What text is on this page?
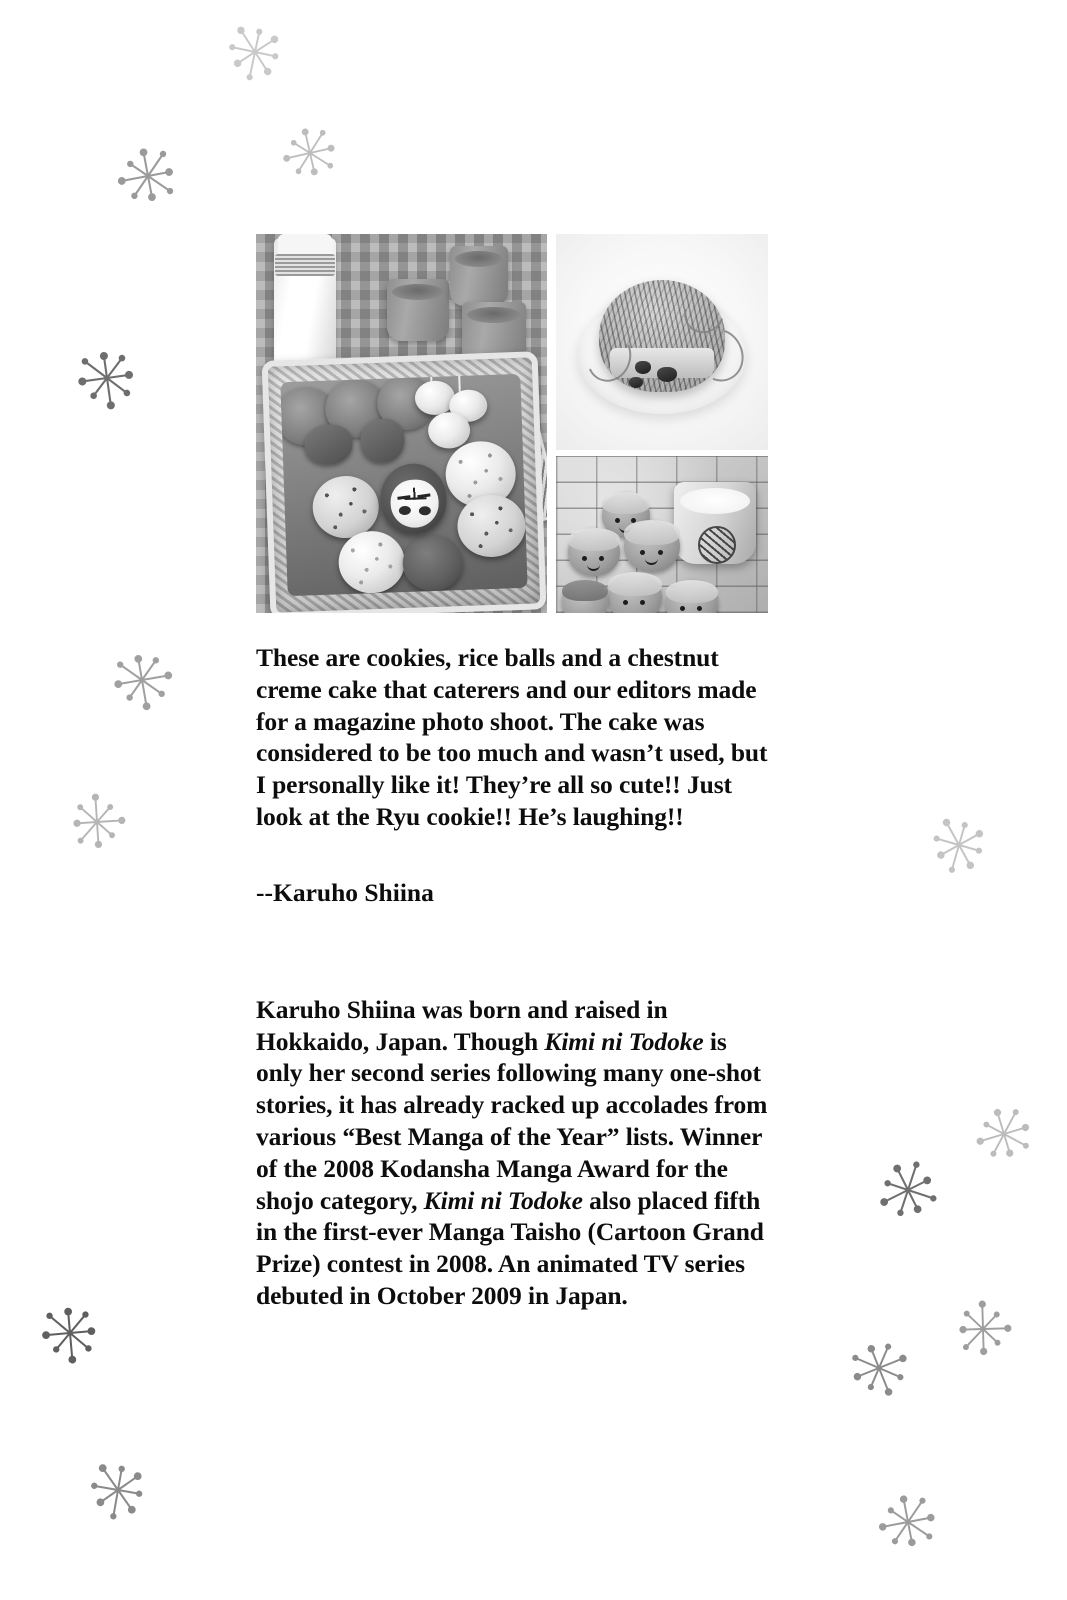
These are cookies, rice balls and a chestnut creme cake that caterers and our editors made for a magazine photo shoot. The cake was considered to be too much and wasn’t used, but I personally like it! They’re all so cute!! Just look at the Ryu cookie!! He’s laughing!!

--Karuho Shiina

Karuho Shiina was born and raised in Hokkaido, Japan. Though Kimi ni Todoke is only her second series following many one-shot stories, it has already racked up accolades from various “Best Manga of the Year” lists. Winner of the 2008 Kodansha Manga Award for the shojo category, Kimi ni Todoke also placed fifth in the first-ever Manga Taisho (Cartoon Grand Prize) contest in 2008. An animated TV series debuted in October 2009 in Japan.
